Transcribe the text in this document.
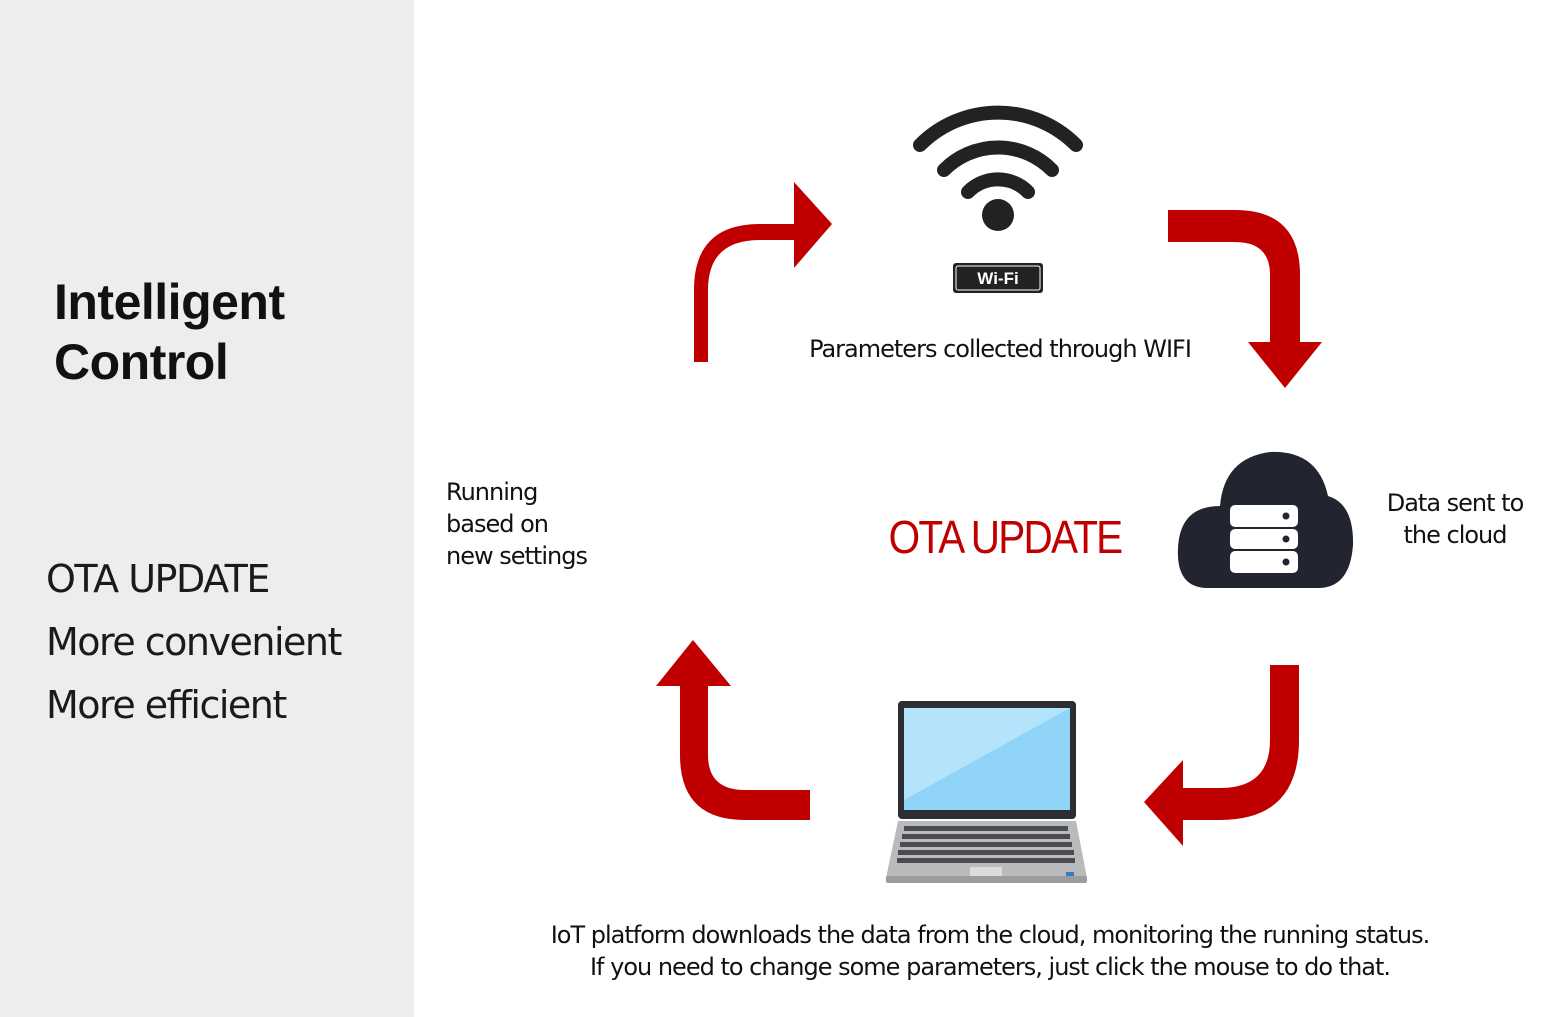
Intelligent
Control
OTA UPDATE
More convenient
More efficient
Wi-Fi
Parameters collected through WIFI
Data sent to
the cloud
Running
based on
new settings	OTA UPDATE
IoT platform downloads the data from the cloud, monitoring the running status.
If you need to change some parameters, just click the mouse to do that.
